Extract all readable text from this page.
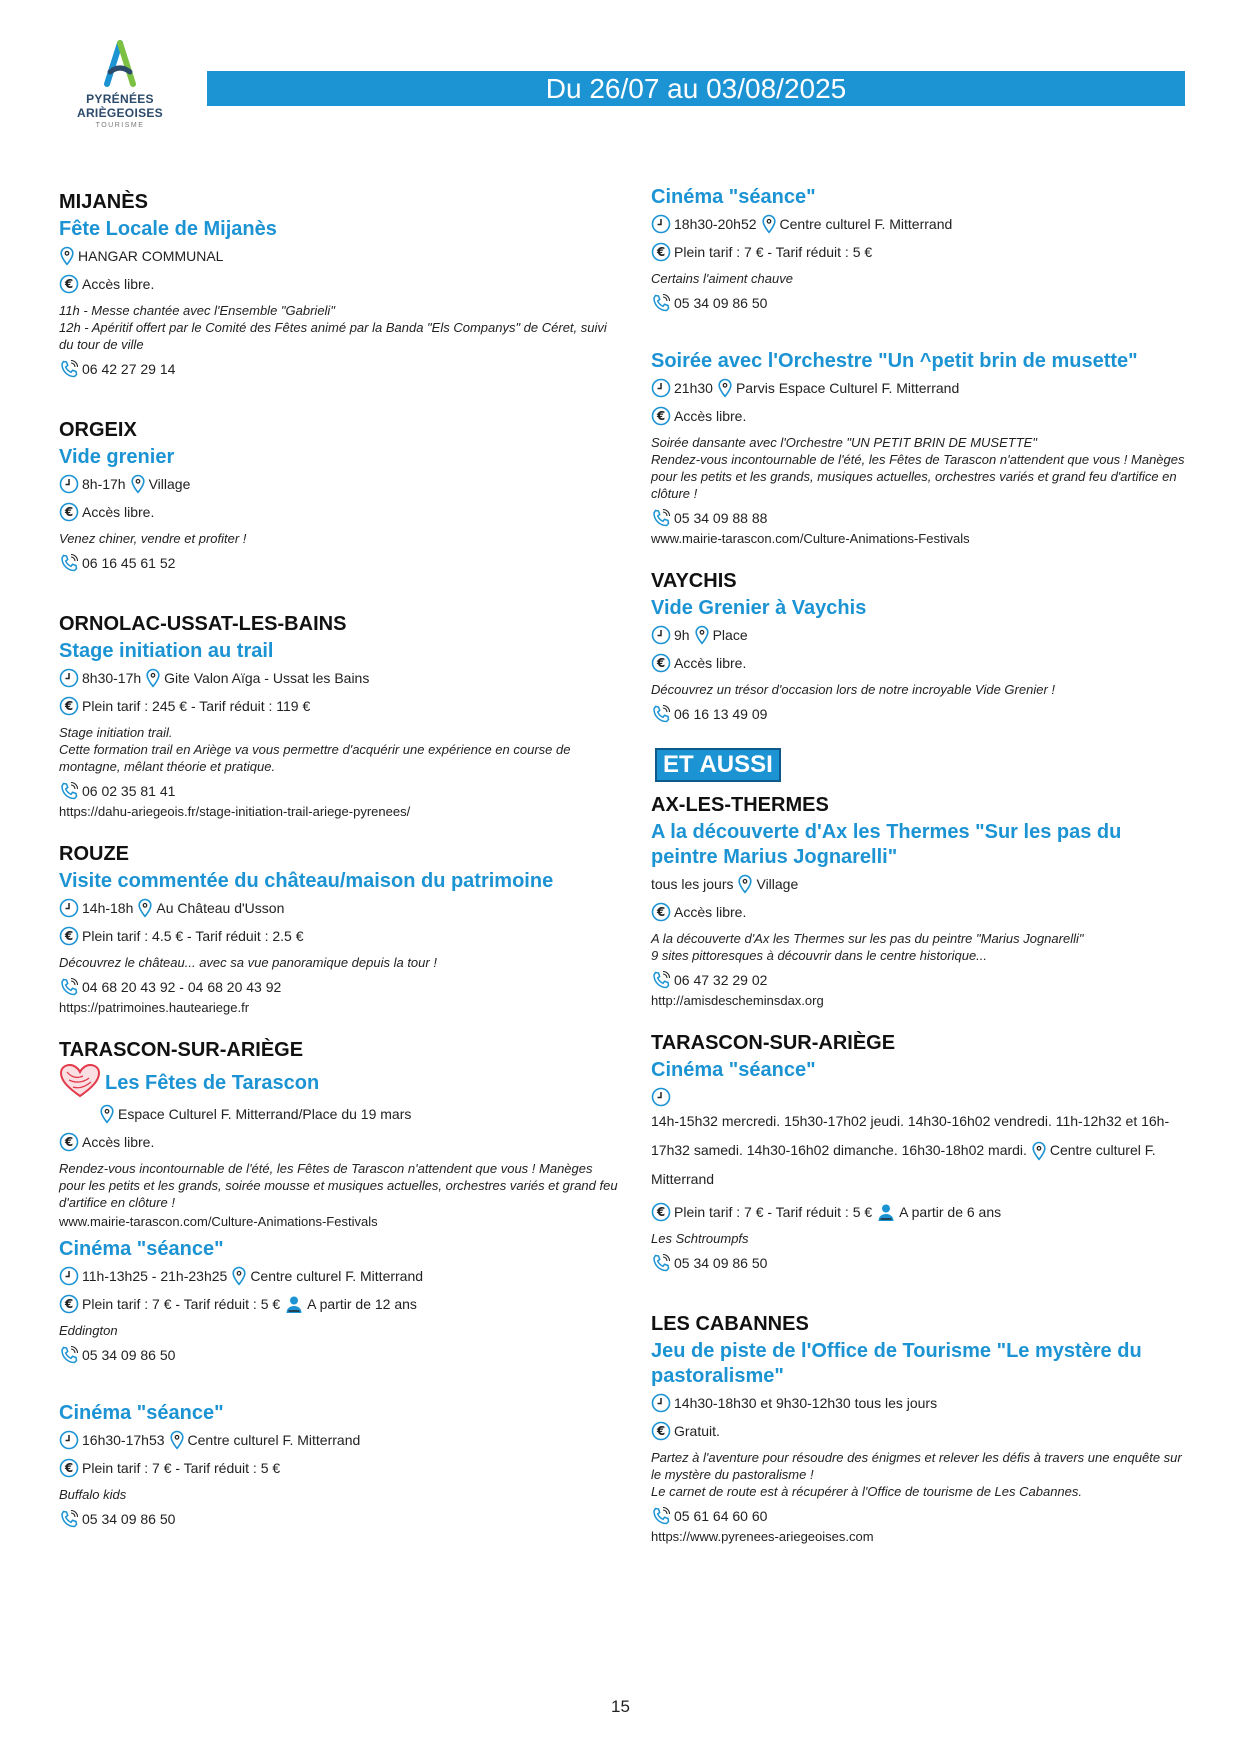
PYRÉNÉES
ARIÈGEOISES
TOURISME
Du 26/07 au 03/08/2025
MIJANÈS
Fête Locale de Mijanès
HANGAR COMMUNAL
Accès libre.
11h - Messe chantée avec l'Ensemble "Gabrieli"
12h - Apéritif offert par le Comité des Fêtes animé par la Banda "Els Companys" de Céret, suivi du tour de ville
06 42 27 29 14
ORGEIX
Vide grenier
8h-17h Village
Accès libre.
Venez chiner, vendre et profiter !
06 16 45 61 52
ORNOLAC-USSAT-LES-BAINS
Stage initiation au trail
8h30-17h Gite Valon Aïga - Ussat les Bains
Plein tarif : 245 € - Tarif réduit : 119 €
Stage initiation trail.
Cette formation trail en Ariège va vous permettre d'acquérir une expérience en course de montagne, mêlant théorie et pratique.
06 02 35 81 41
https://dahu-ariegeois.fr/stage-initiation-trail-ariege-pyrenees/
ROUZE
Visite commentée du château/maison du patrimoine
14h-18h Au Château d'Usson
Plein tarif : 4.5 € - Tarif réduit : 2.5 €
Découvrez le château... avec sa vue panoramique depuis la tour !
04 68 20 43 92 - 04 68 20 43 92
https://patrimoines.hauteariege.fr
TARASCON-SUR-ARIÈGE
Les Fêtes de Tarascon
Espace Culturel F. Mitterrand/Place du 19 mars
Accès libre.
Rendez-vous incontournable de l'été, les Fêtes de Tarascon n'attendent que vous ! Manèges pour les petits et les grands, soirée mousse et musiques actuelles, orchestres variés et grand feu d'artifice en clôture !
www.mairie-tarascon.com/Culture-Animations-Festivals
Cinéma "séance"
11h-13h25 - 21h-23h25 Centre culturel F. Mitterrand
Plein tarif : 7 € - Tarif réduit : 5 € A partir de 12 ans
Eddington
05 34 09 86 50
Cinéma "séance"
16h30-17h53 Centre culturel F. Mitterrand
Plein tarif : 7 € - Tarif réduit : 5 €
Buffalo kids
05 34 09 86 50
Cinéma "séance"
18h30-20h52 Centre culturel F. Mitterrand
Plein tarif : 7 € - Tarif réduit : 5 €
Certains l'aiment chauve
05 34 09 86 50
Soirée avec l'Orchestre "Un ^petit brin de musette"
21h30 Parvis Espace Culturel F. Mitterrand
Accès libre.
Soirée dansante avec l'Orchestre "UN PETIT BRIN DE MUSETTE"
Rendez-vous incontournable de l'été, les Fêtes de Tarascon n'attendent que vous ! Manèges pour les petits et les grands, musiques actuelles, orchestres variés et grand feu d'artifice en clôture !
05 34 09 88 88
www.mairie-tarascon.com/Culture-Animations-Festivals
VAYCHIS
Vide Grenier à Vaychis
9h Place
Accès libre.
Découvrez un trésor d'occasion lors de notre incroyable Vide Grenier !
06 16 13 49 09
ET AUSSI
AX-LES-THERMES
A la découverte d'Ax les Thermes "Sur les pas du peintre Marius Jognarelli"
tous les jours Village
Accès libre.
A la découverte d'Ax les Thermes sur les pas du peintre "Marius Jognarelli"
9 sites pittoresques à découvrir dans le centre historique...
06 47 32 29 02
http://amisdescheminsdax.org
TARASCON-SUR-ARIÈGE
Cinéma "séance"
14h-15h32 mercredi. 15h30-17h02 jeudi. 14h30-16h02 vendredi. 11h-12h32 et 16h-17h32 samedi. 14h30-16h02 dimanche. 16h30-18h02 mardi. Centre culturel F. Mitterrand
Plein tarif : 7 € - Tarif réduit : 5 € A partir de 6 ans
Les Schtroumpfs
05 34 09 86 50
LES CABANNES
Jeu de piste de l'Office de Tourisme "Le mystère du pastoralisme"
14h30-18h30 et 9h30-12h30 tous les jours
Gratuit.
Partez à l'aventure pour résoudre des énigmes et relever les défis à travers une enquête sur le mystère du pastoralisme !
Le carnet de route est à récupérer à l'Office de tourisme de Les Cabannes.
05 61 64 60 60
https://www.pyrenees-ariegeoises.com
15
